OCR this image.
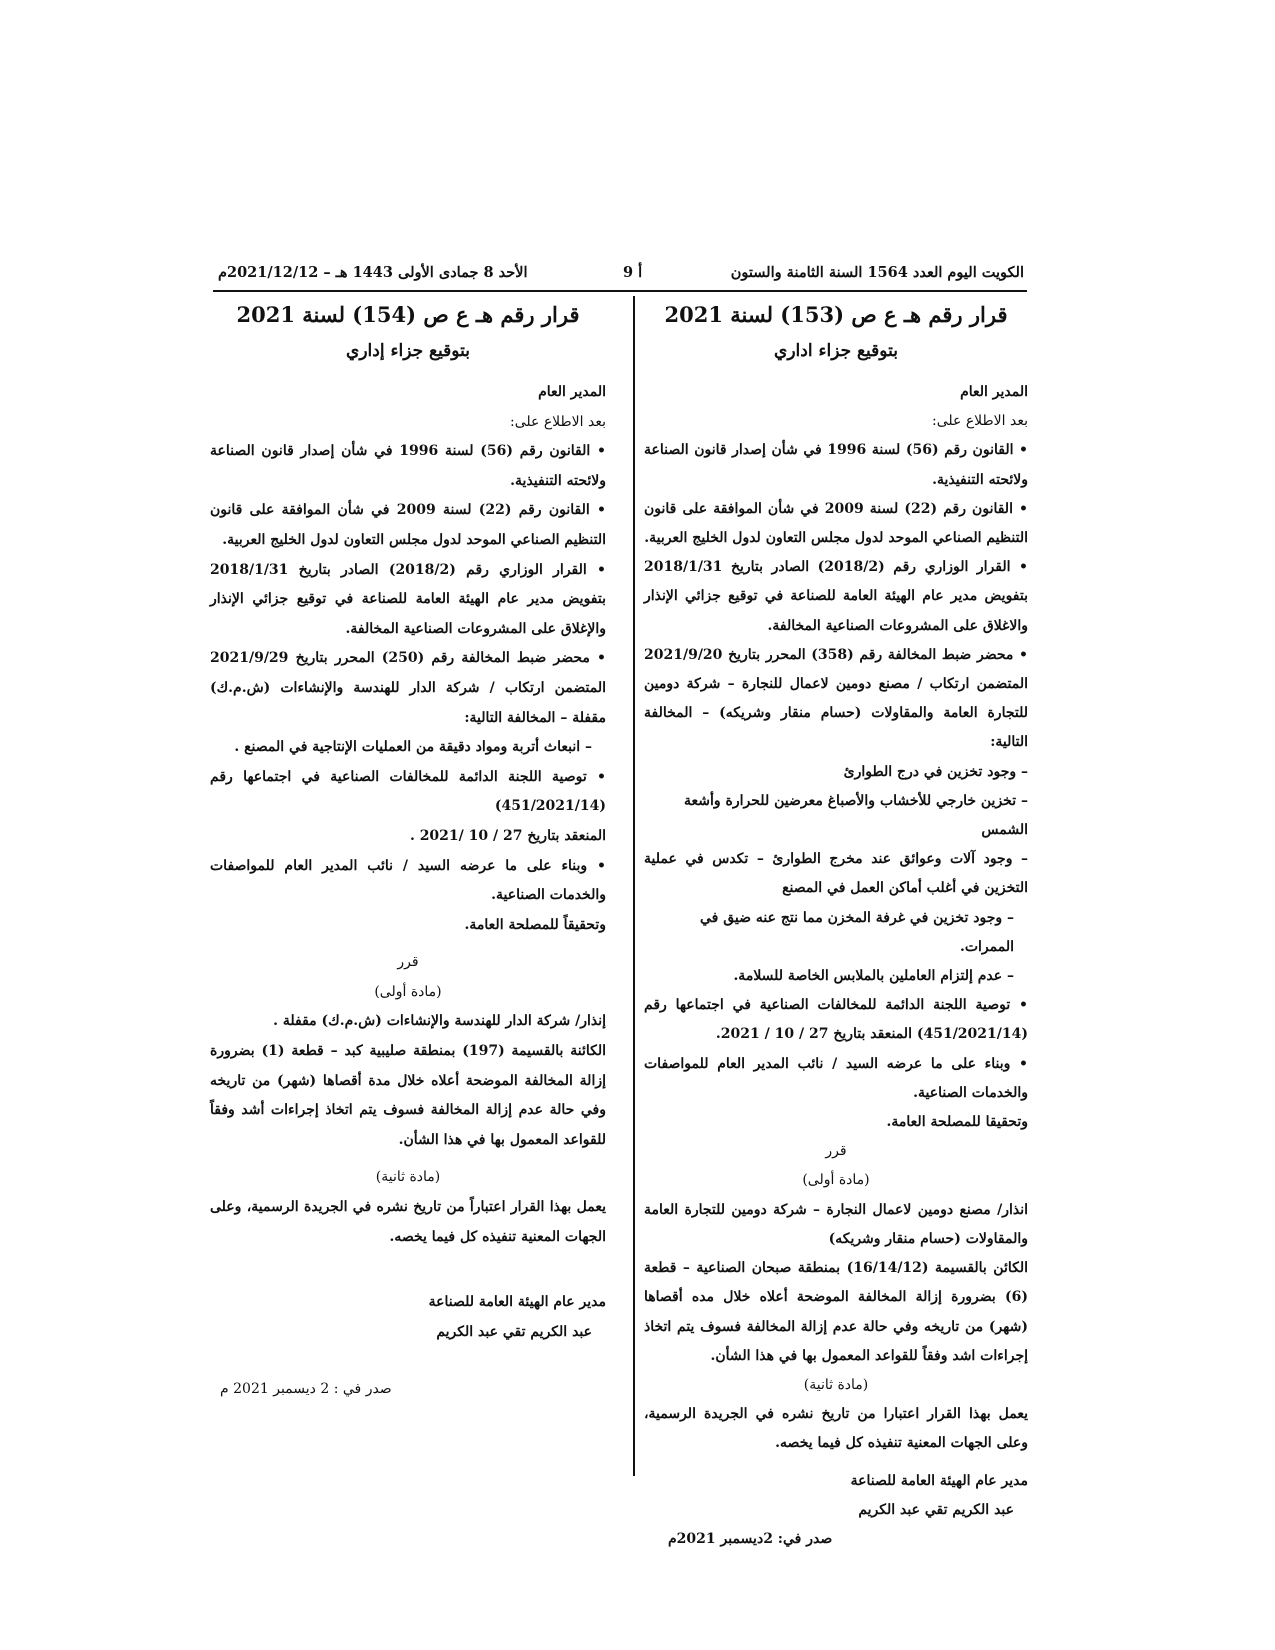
الكويت اليوم العدد 1564 السنة الثامنة والستون
9 أ
الأحد 8 جمادى الأولى 1443 هـ – 2021/12/12م
قرار رقم هـ ع ص (153) لسنة 2021
بتوقيع جزاء اداري

المدير العام

بعد الاطلاع على:

• القانون رقم (56) لسنة 1996 في شأن إصدار قانون الصناعة ولائحته التنفيذية.

• القانون رقم (22) لسنة 2009 في شأن الموافقة على قانون التنظيم الصناعي الموحد لدول مجلس التعاون لدول الخليج العربية.

• القرار الوزاري رقم (2018/2) الصادر بتاريخ 2018/1/31 بتفويض مدير عام الهيئة العامة للصناعة في توقيع جزائي الإنذار والاغلاق على المشروعات الصناعية المخالفة.

• محضر ضبط المخالفة رقم (358) المحرر بتاريخ 2021/9/20 المتضمن ارتكاب / مصنع دومين لاعمال للنجارة – شركة دومين للتجارة العامة والمقاولات (حسام منقار وشريكه) – المخالفة التالية:

– وجود تخزين في درج الطوارئ

– تخزين خارجي للأخشاب والأصباغ معرضين للحرارة وأشعة الشمس

– وجود آلات وعوائق عند مخرج الطوارئ – تكدس في عملية التخزين في أغلب أماكن العمل في المصنع

– وجود تخزين في غرفة المخزن مما نتج عنه ضيق في الممرات.

– عدم إلتزام العاملين بالملابس الخاصة للسلامة.

• توصية اللجنة الدائمة للمخالفات الصناعية في اجتماعها رقم (451/2021/14) المنعقد بتاريخ 27 / 10 / 2021.

• وبناء على ما عرضه السيد / نائب المدير العام للمواصفات والخدمات الصناعية.

وتحقيقا للمصلحة العامة.

قرر

(مادة أولى)

انذار/ مصنع دومين لاعمال النجارة – شركة دومين للتجارة العامة والمقاولات (حسام منقار وشريكه)

الكائن بالقسيمة (16/14/12) بمنطقة صبحان الصناعية – قطعة (6) بضرورة إزالة المخالفة الموضحة أعلاه خلال مده أقصاها (شهر) من تاريخه وفي حالة عدم إزالة المخالفة فسوف يتم اتخاذ إجراءات اشد وفقاً للقواعد المعمول بها في هذا الشأن.

(مادة ثانية)

يعمل بهذا القرار اعتبارا من تاريخ نشره في الجريدة الرسمية، وعلى الجهات المعنية تنفيذه كل فيما يخصه.

مدير عام الهيئة العامة للصناعة

عبد الكريم تقي عبد الكريم

صدر في: 2ديسمبر 2021م

قرار رقم هـ ع ص (154) لسنة 2021
بتوقيع جزاء إداري

المدير العام

بعد الاطلاع على:

• القانون رقم (56) لسنة 1996 في شأن إصدار قانون الصناعة ولائحته التنفيذية.

• القانون رقم (22) لسنة 2009 في شأن الموافقة على قانون التنظيم الصناعي الموحد لدول مجلس التعاون لدول الخليج العربية.

• القرار الوزاري رقم (2018/2) الصادر بتاريخ 2018/1/31 بتفويض مدير عام الهيئة العامة للصناعة في توقيع جزائي الإنذار والإغلاق على المشروعات الصناعية المخالفة.

• محضر ضبط المخالفة رقم (250) المحرر بتاريخ 2021/9/29 المتضمن ارتكاب / شركة الدار للهندسة والإنشاءات (ش.م.ك) مقفلة – المخالفة التالية:

– انبعاث أتربة ومواد دقيقة من العمليات الإنتاجية في المصنع .

• توصية اللجنة الدائمة للمخالفات الصناعية في اجتماعها رقم (451/2021/14)

المنعقد بتاريخ 27 / 10 /2021 .

• وبناء على ما عرضه السيد / نائب المدير العام للمواصفات والخدمات الصناعية.

وتحقيقاً للمصلحة العامة.

قرر

(مادة أولى)

إنذار/ شركة الدار للهندسة والإنشاءات (ش.م.ك) مقفلة .

الكائنة بالقسيمة (197) بمنطقة صليبية كبد – قطعة (1) بضرورة إزالة المخالفة الموضحة أعلاه خلال مدة أقصاها (شهر) من تاريخه وفي حالة عدم إزالة المخالفة فسوف يتم اتخاذ إجراءات أشد وفقاً للقواعد المعمول بها في هذا الشأن.

(مادة ثانية)

يعمل بهذا القرار اعتباراً من تاريخ نشره في الجريدة الرسمية، وعلى الجهات المعنية تنفيذه كل فيما يخصه.

مدير عام الهيئة العامة للصناعة

عبد الكريم تقي عبد الكريم

صدر في : 2 ديسمبر 2021 م
